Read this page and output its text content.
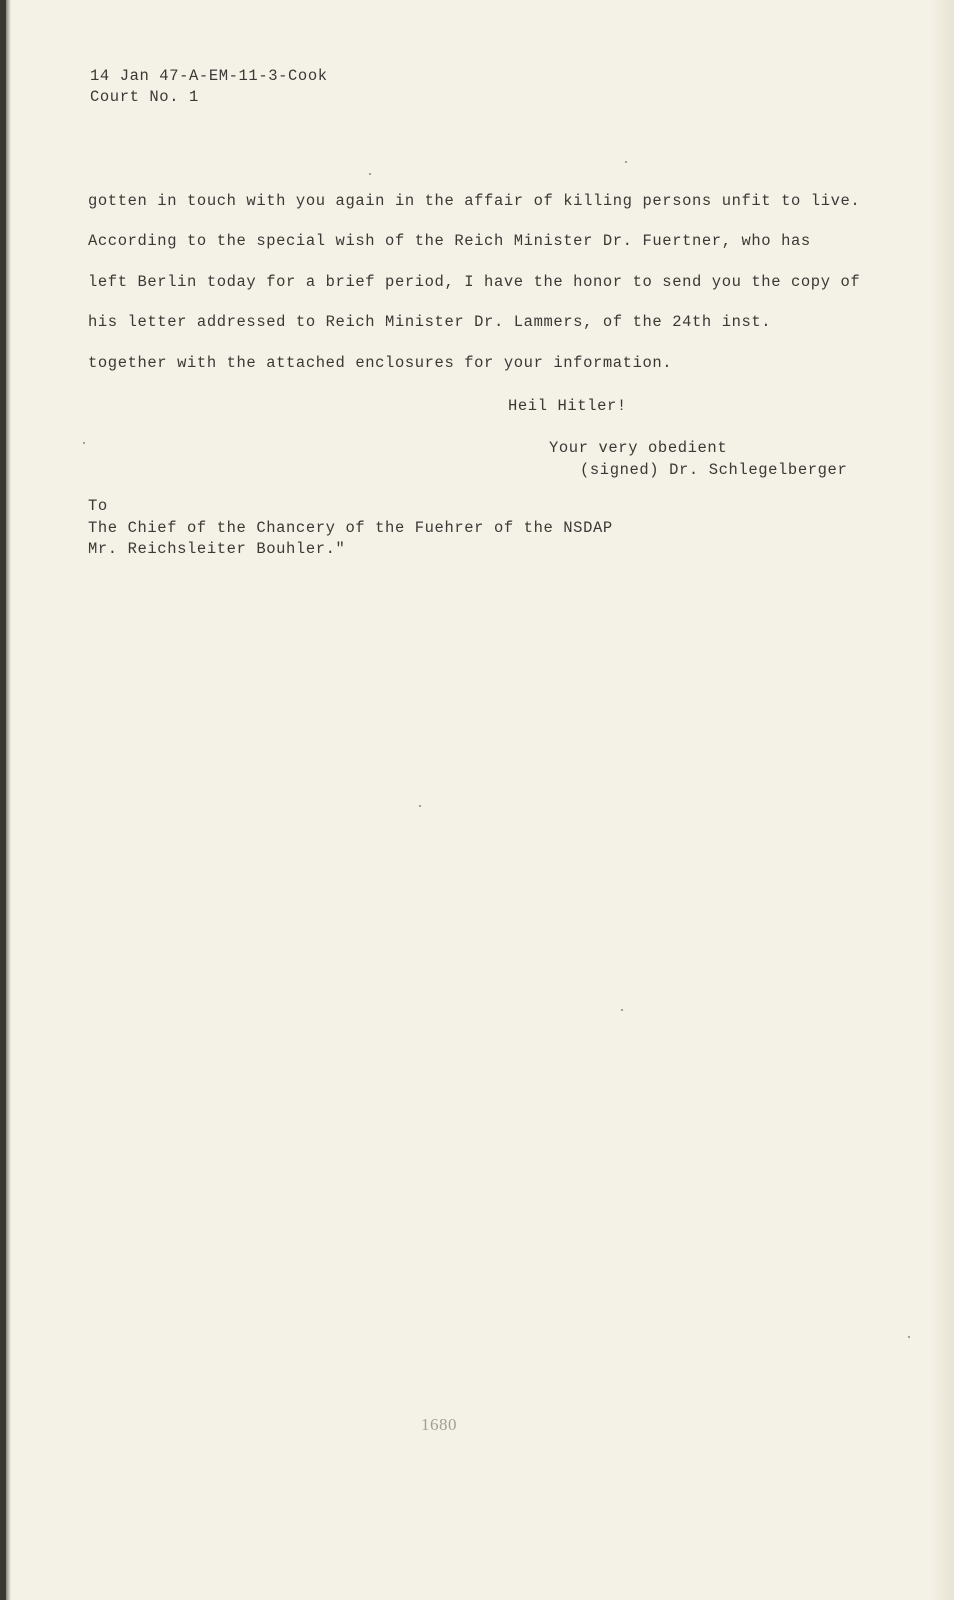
14 Jan 47-A-EM-11-3-Cook
Court No. 1
gotten in touch with you again in the affair of killing persons unfit to live.
According to the special wish of the Reich Minister Dr. Fuertner, who has
left Berlin today for a brief period, I have the honor to send you the copy of
his letter addressed to Reich Minister Dr. Lammers, of the 24th inst.
together with the attached enclosures for your information.
Heil Hitler!
Your very obedient
(signed) Dr. Schlegelberger
To
The Chief of the Chancery of the Fuehrer of the NSDAP
Mr. Reichsleiter Bouhler."
1680
